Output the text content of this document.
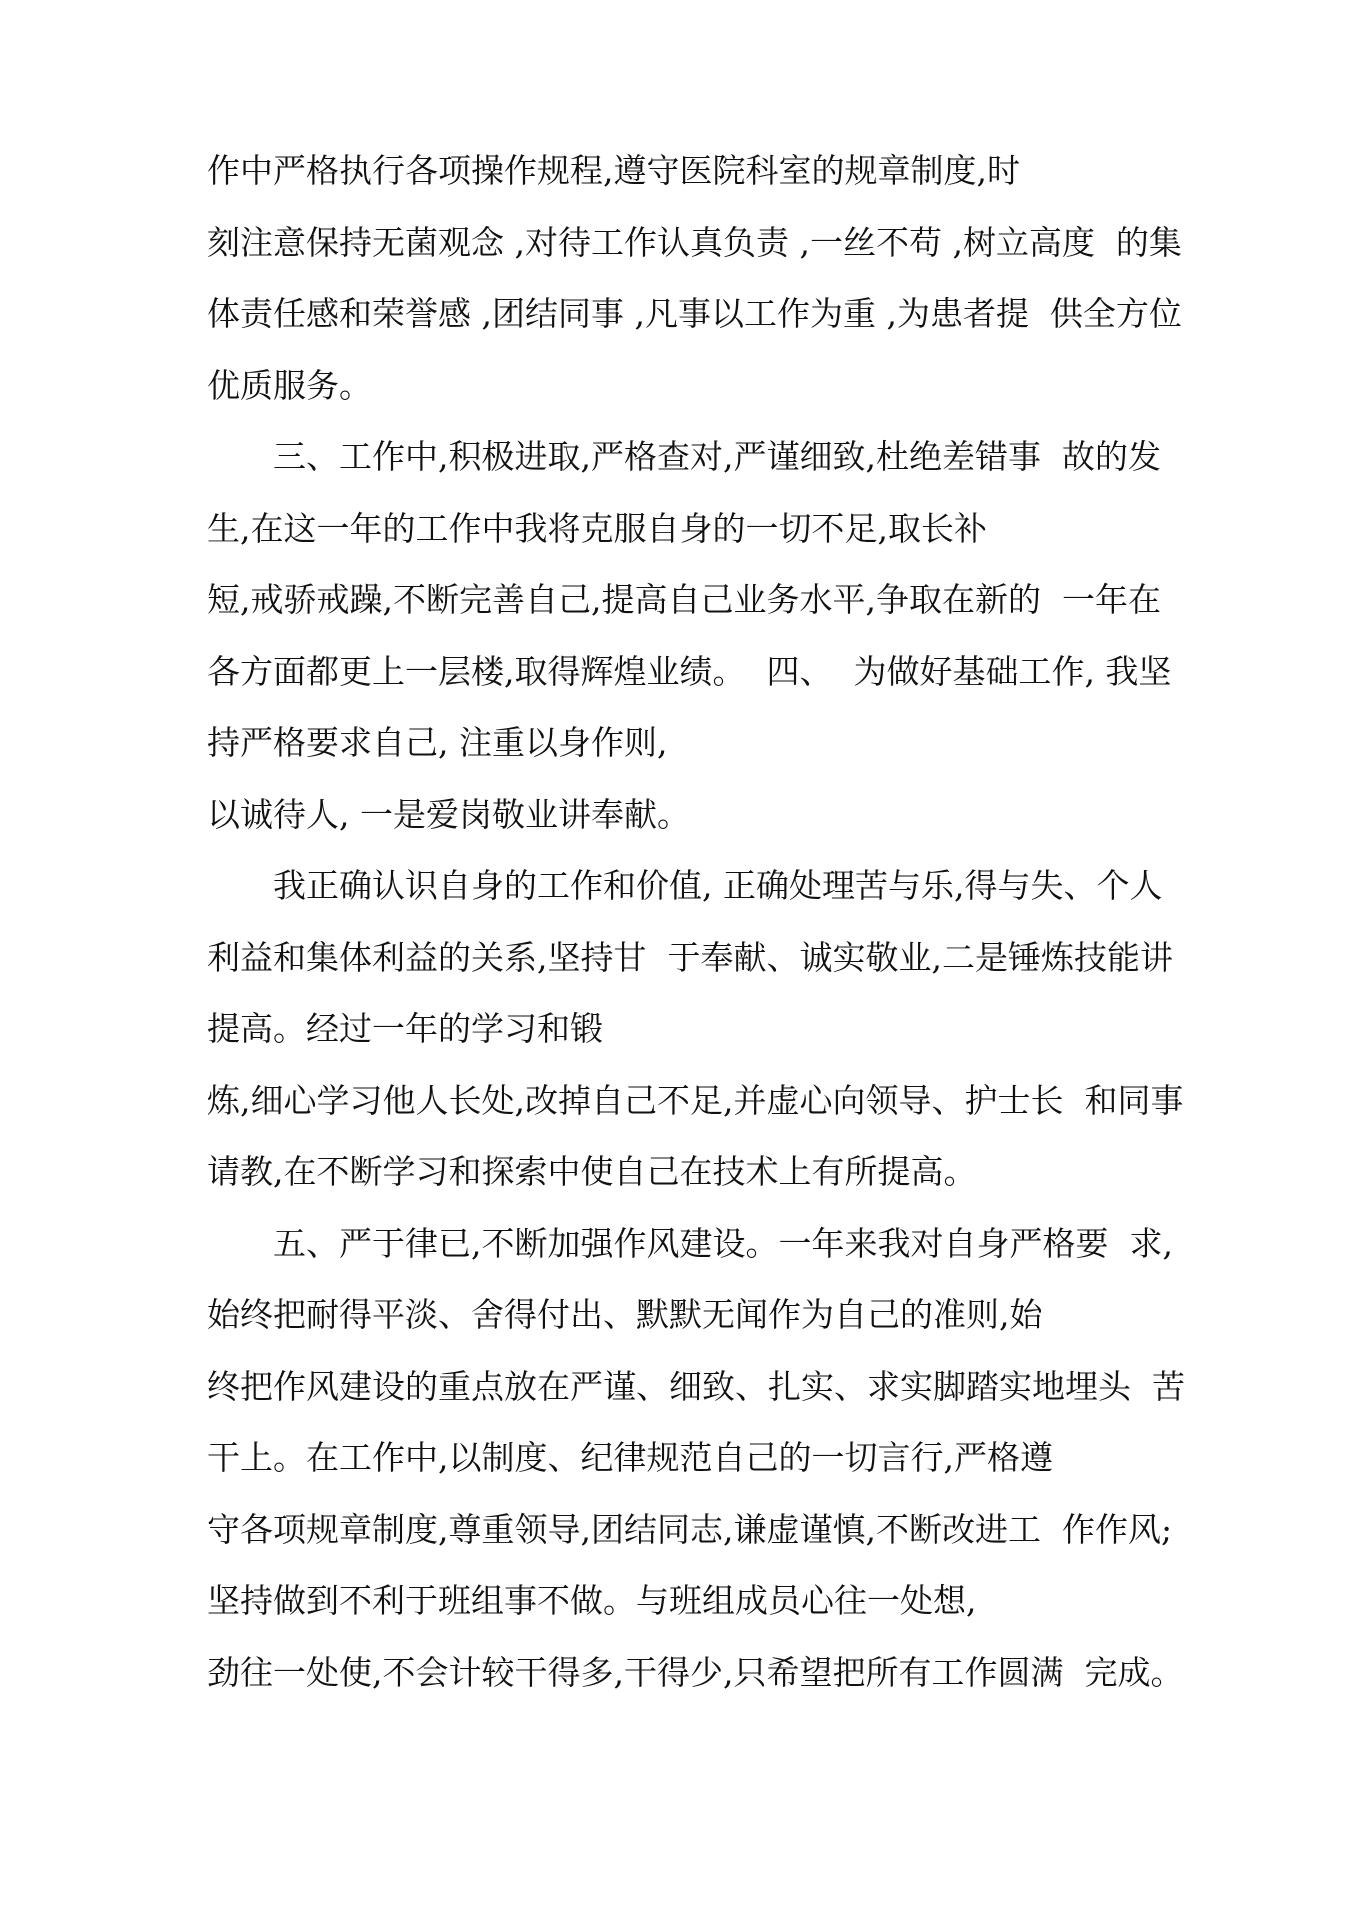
作中严格执行各项操作规程,遵守医院科室的规章制度,时
刻注意保持无菌观念 ,对待工作认真负责 ,一丝不苟 ,树立高度  的集
体责任感和荣誉感 ,团结同事 ,凡事以工作为重 ,为患者提  供全方位
优质服务。
三、工作中,积极进取,严格查对,严谨细致,杜绝差错事  故的发
生,在这一年的工作中我将克服自身的一切不足,取长补
短,戒骄戒躁,不断完善自己,提高自己业务水平,争取在新的  一年在
各方面都更上一层楼,取得辉煌业绩。  四、  为做好基础工作, 我坚
持严格要求自己, 注重以身作则,
以诚待人, 一是爱岗敬业讲奉献。
我正确认识自身的工作和价值, 正确处理苦与乐,得与失、个人
利益和集体利益的关系,坚持甘  于奉献、诚实敬业,二是锤炼技能讲
提高。经过一年的学习和锻
炼,细心学习他人长处,改掉自己不足,并虚心向领导、护士长  和同事
请教,在不断学习和探索中使自己在技术上有所提高。
五、严于律已,不断加强作风建设。一年来我对自身严格要  求,
始终把耐得平淡、舍得付出、默默无闻作为自己的准则,始
终把作风建设的重点放在严谨、细致、扎实、求实脚踏实地埋头  苦
干上。在工作中,以制度、纪律规范自己的一切言行,严格遵
守各项规章制度,尊重领导,团结同志,谦虚谨慎,不断改进工  作作风;
坚持做到不利于班组事不做。与班组成员心往一处想,
劲往一处使,不会计较干得多,干得少,只希望把所有工作圆满  完成。
